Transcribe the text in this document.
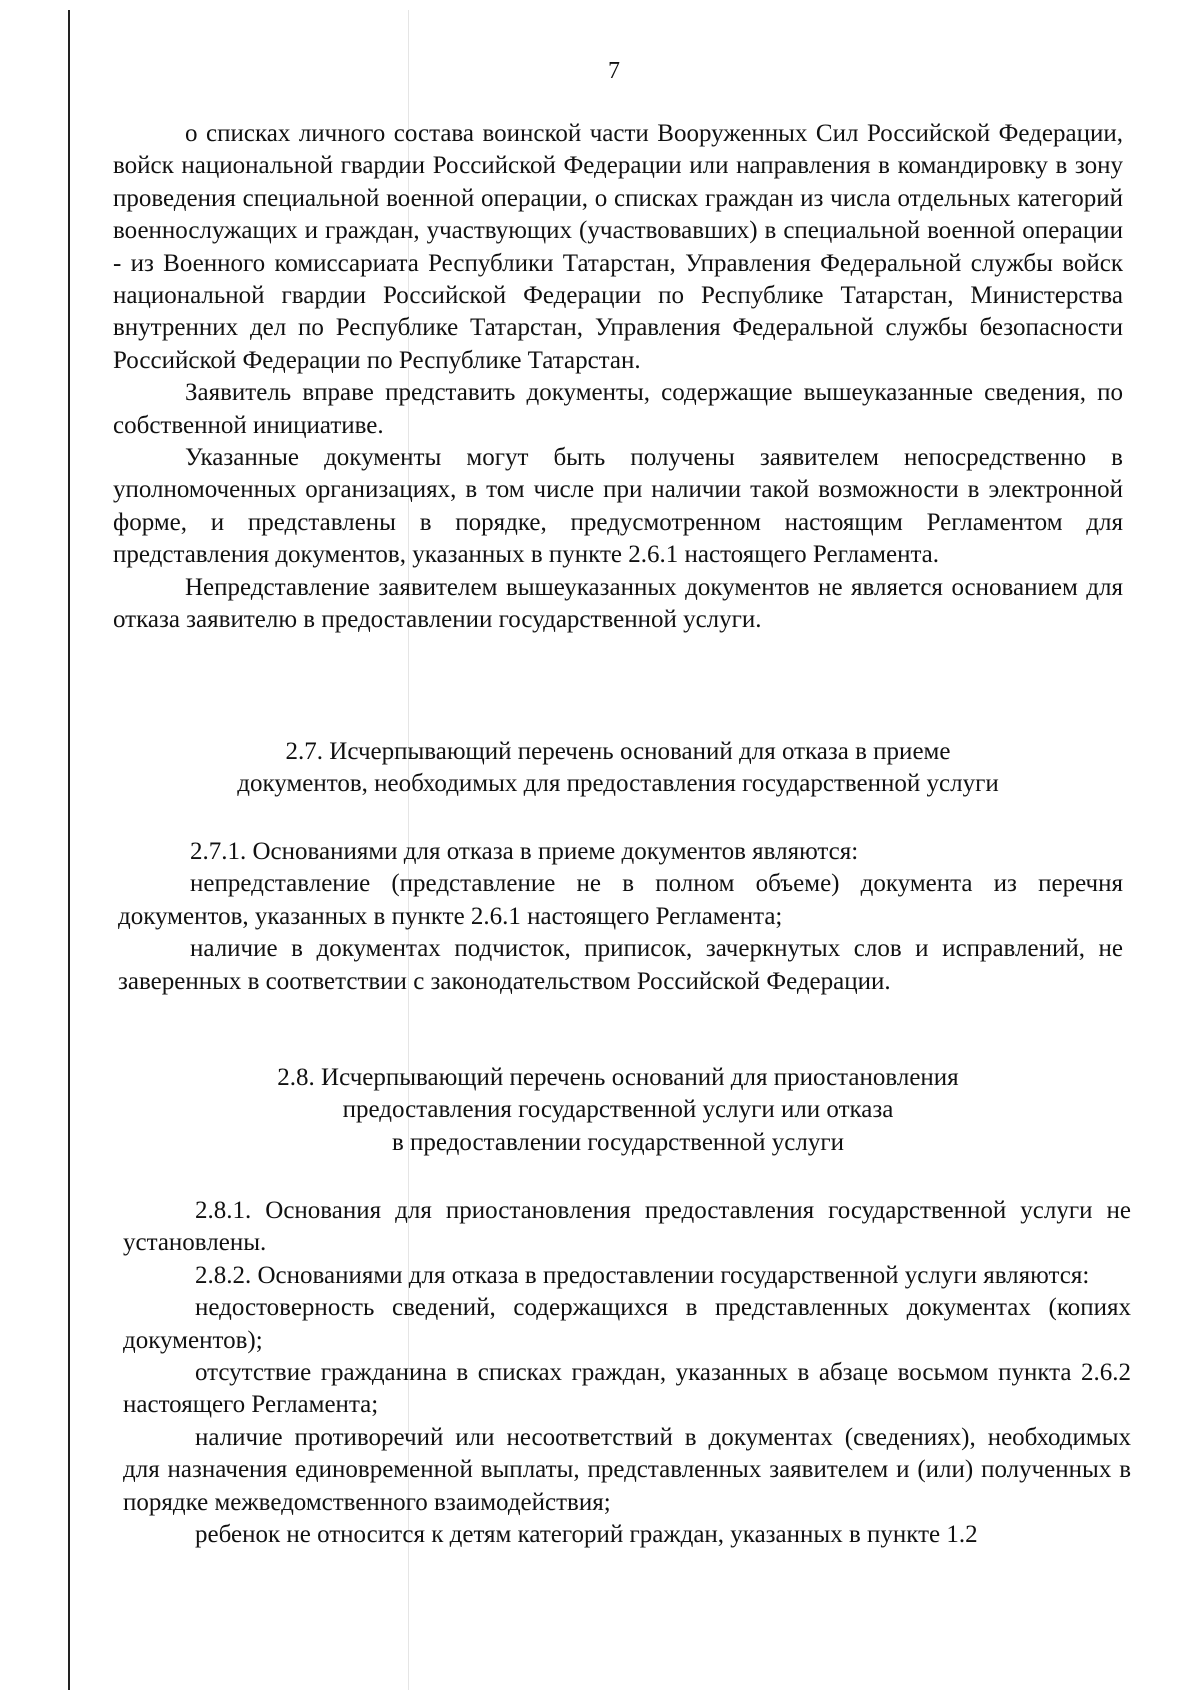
7

о списках личного состава воинской части Вооруженных Сил Российской Федерации, войск национальной гвардии Российской Федерации или направления в командировку в зону проведения специальной военной операции, о списках граждан из числа отдельных категорий военнослужащих и граждан, участвующих (участвовавших) в специальной военной операции - из Военного комиссариата Республики Татарстан, Управления Федеральной службы войск национальной гвардии Российской Федерации по Республике Татарстан, Министерства внутренних дел по Республике Татарстан, Управления Федеральной службы безопасности Российской Федерации по Республике Татарстан.

Заявитель вправе представить документы, содержащие вышеуказанные сведения, по собственной инициативе.

Указанные документы могут быть получены заявителем непосредственно в уполномоченных организациях, в том числе при наличии такой возможности в электронной форме, и представлены в порядке, предусмотренном настоящим Регламентом для представления документов, указанных в пункте 2.6.1 настоящего Регламента.

Непредставление заявителем вышеуказанных документов не является основанием для отказа заявителю в предоставлении государственной услуги.

2.7. Исчерпывающий перечень оснований для отказа в приеме
документов, необходимых для предоставления государственной услуги

2.7.1. Основаниями для отказа в приеме документов являются:

непредставление (представление не в полном объеме) документа из перечня документов, указанных в пункте 2.6.1 настоящего Регламента;

наличие в документах подчисток, приписок, зачеркнутых слов и исправлений, не заверенных в соответствии с законодательством Российской Федерации.

2.8. Исчерпывающий перечень оснований для приостановления
предоставления государственной услуги или отказа
в предоставлении государственной услуги

2.8.1. Основания для приостановления предоставления государственной услуги не установлены.

2.8.2. Основаниями для отказа в предоставлении государственной услуги являются:

недостоверность сведений, содержащихся в представленных документах (копиях документов);

отсутствие гражданина в списках граждан, указанных в абзаце восьмом пункта 2.6.2 настоящего Регламента;

наличие противоречий или несоответствий в документах (сведениях), необходимых для назначения единовременной выплаты, представленных заявителем и (или) полученных в порядке межведомственного взаимодействия;

ребенок не относится к детям категорий граждан, указанных в пункте 1.2
